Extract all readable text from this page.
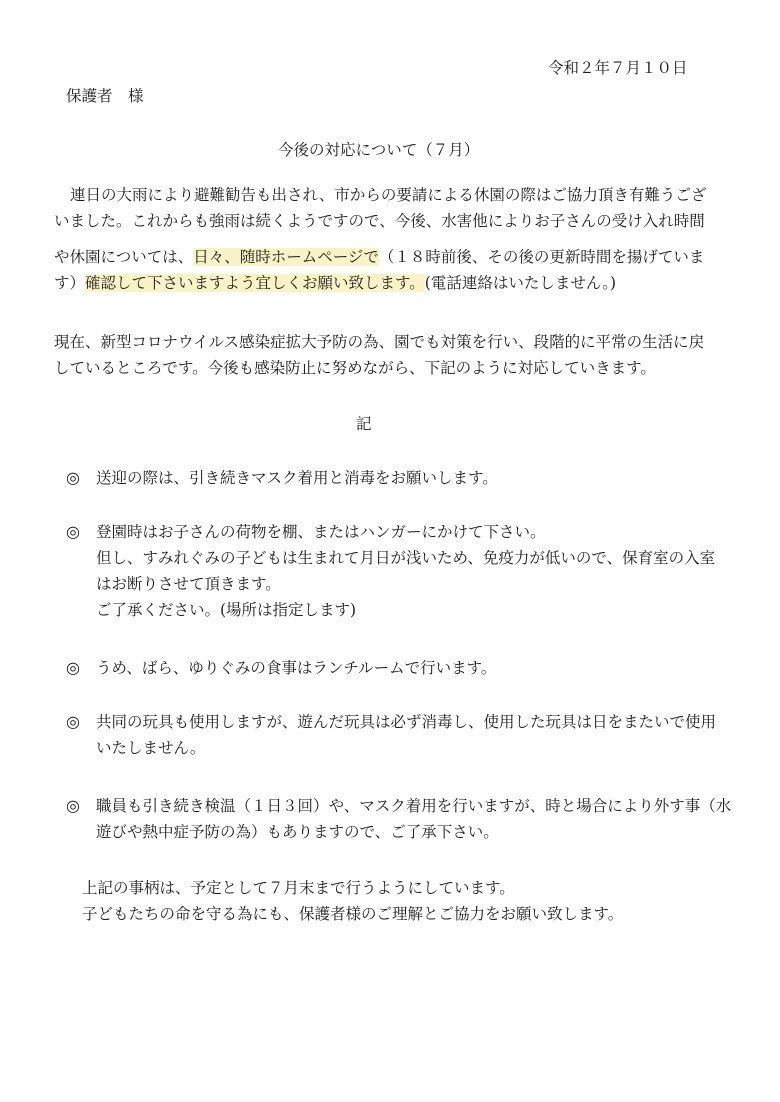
令和２年７月１０日
保護者　様
今後の対応について（７月）
連日の大雨により避難勧告も出され、市からの要請による休園の際はご協力頂き有難うござ
いました。これからも強雨は続くようですので、今後、水害他によりお子さんの受け入れ時間
や休園については、日々、随時ホームページで（１８時前後、その後の更新時間を揚げていま
す）確認して下さいますよう宜しくお願い致します。(電話連絡はいたしません。)
現在、新型コロナウイルス感染症拡大予防の為、園でも対策を行い、段階的に平常の生活に戻
しているところです。今後も感染防止に努めながら、下記のように対応していきます。
記
◎ 送迎の際は、引き続きマスク着用と消毒をお願いします。
◎ 登園時はお子さんの荷物を棚、またはハンガーにかけて下さい。
但し、すみれぐみの子どもは生まれて月日が浅いため、免疫力が低いので、保育室の入室
はお断りさせて頂きます。
ご了承ください。(場所は指定します)
◎ うめ、ばら、ゆりぐみの食事はランチルームで行います。
◎ 共同の玩具も使用しますが、遊んだ玩具は必ず消毒し、使用した玩具は日をまたいで使用
いたしません。
◎ 職員も引き続き検温（１日３回）や、マスク着用を行いますが、時と場合により外す事（水
遊びや熱中症予防の為）もありますので、ご了承下さい。
上記の事柄は、予定として７月末まで行うようにしています。
子どもたちの命を守る為にも、保護者様のご理解とご協力をお願い致します。
